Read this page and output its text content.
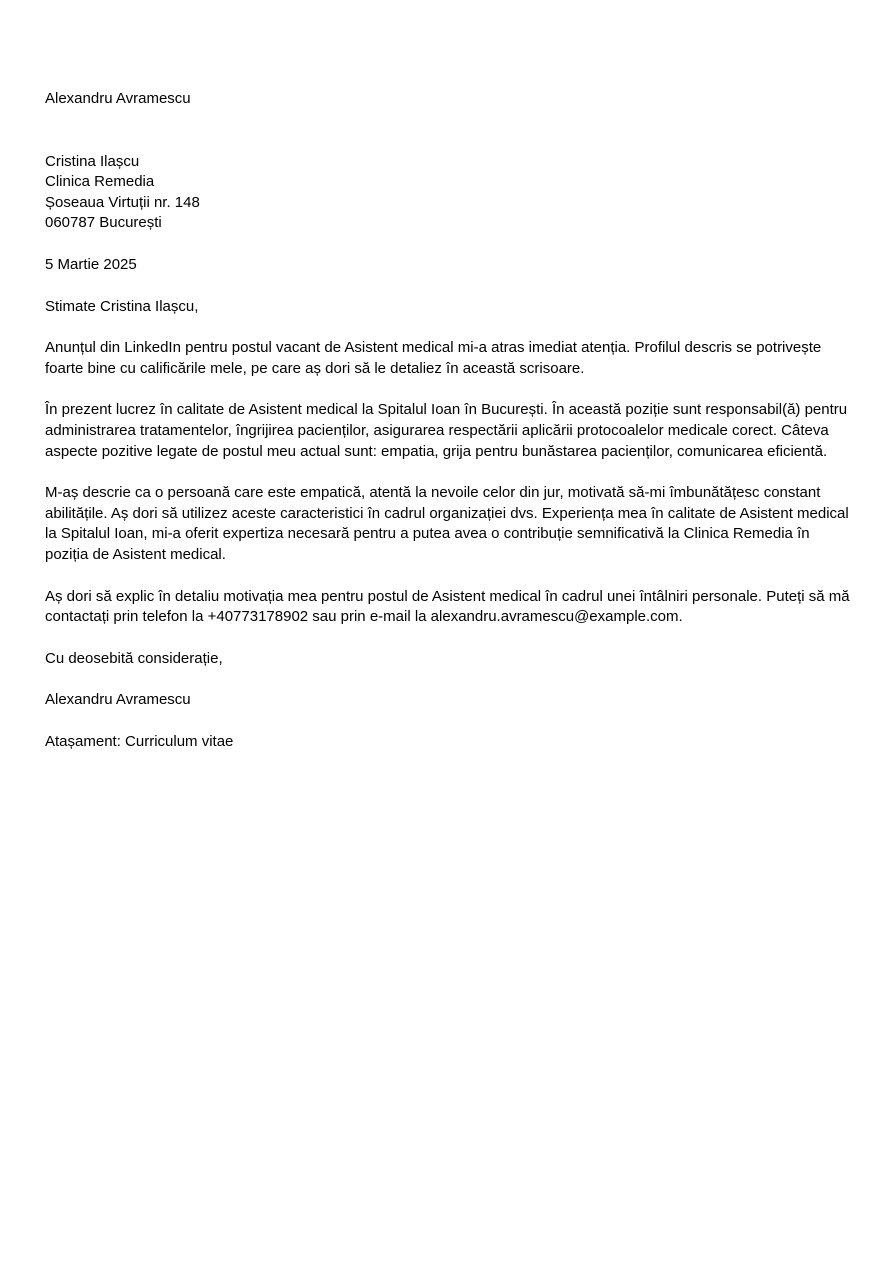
Alexandru Avramescu
Cristina Ilașcu
Clinica Remedia
Șoseaua Virtuții nr. 148
060787 București
5 Martie 2025
Stimate Cristina Ilașcu,
Anunțul din LinkedIn pentru postul vacant de Asistent medical mi-a atras imediat atenția. Profilul descris se potrivește foarte bine cu calificările mele, pe care aș dori să le detaliez în această scrisoare.
În prezent lucrez în calitate de Asistent medical la Spitalul Ioan în București. În această poziție sunt responsabil(ă) pentru administrarea tratamentelor, îngrijirea pacienților, asigurarea respectării aplicării protocoalelor medicale corect. Câteva aspecte pozitive legate de postul meu actual sunt: empatia, grija pentru bunăstarea pacienților, comunicarea eficientă.
M-aș descrie ca o persoană care este empatică, atentă la nevoile celor din jur, motivată să-mi îmbunătățesc constant abilitățile. Aș dori să utilizez aceste caracteristici în cadrul organizației dvs. Experiența mea în calitate de Asistent medical la Spitalul Ioan, mi-a oferit expertiza necesară pentru a putea avea o contribuție semnificativă la Clinica Remedia în poziția de Asistent medical.
Aș dori să explic în detaliu motivația mea pentru postul de Asistent medical în cadrul unei întâlniri personale. Puteți să mă contactați prin telefon la +40773178902 sau prin e-mail la alexandru.avramescu@example.com.
Cu deosebită considerație,
Alexandru Avramescu
Atașament: Curriculum vitae
